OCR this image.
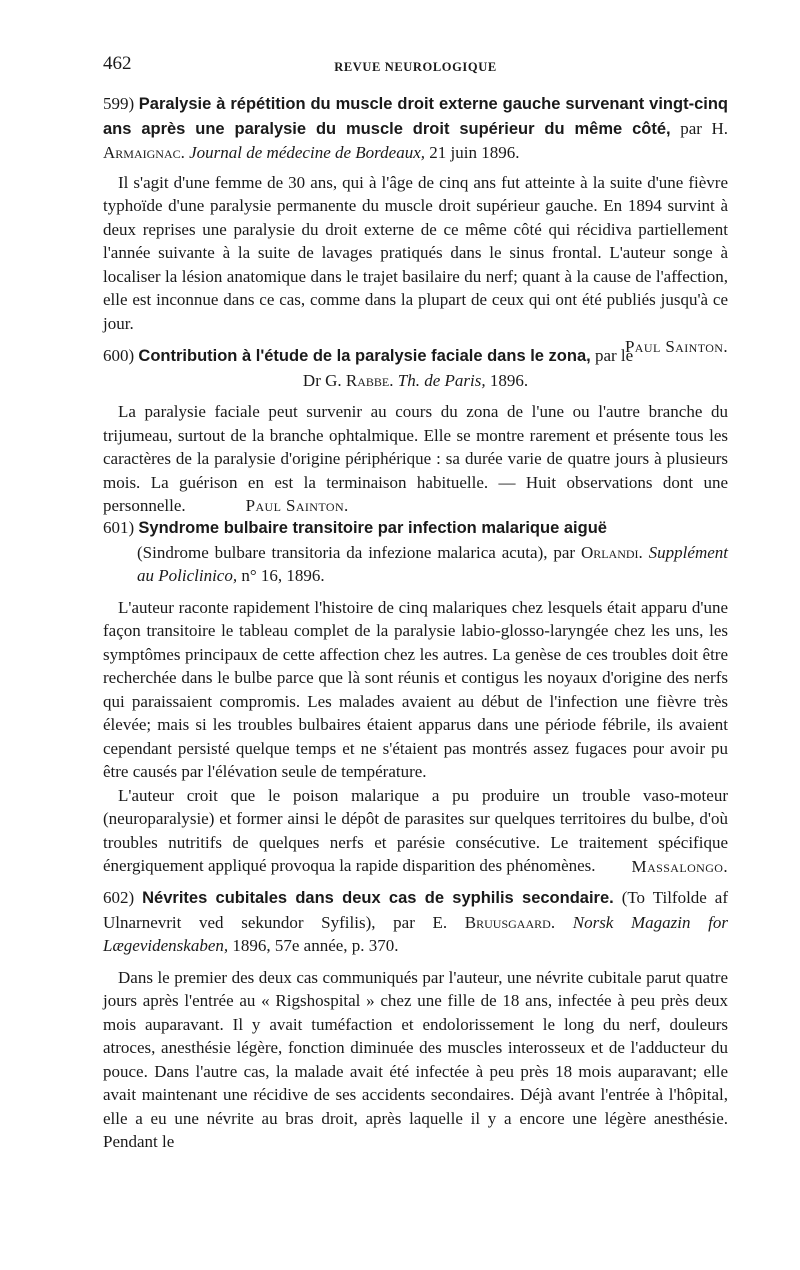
462	REVUE NEUROLOGIQUE

599) Paralysie à répétition du muscle droit externe gauche survenant vingt-cinq ans après une paralysie du muscle droit supérieur du même côté, par H. Armaignac. Journal de médecine de Bordeaux, 21 juin 1896.

Il s'agit d'une femme de 30 ans, qui à l'âge de cinq ans fut atteinte à la suite d'une fièvre typhoïde d'une paralysie permanente du muscle droit supérieur gauche. En 1894 survint à deux reprises une paralysie du droit externe de ce même côté qui récidiva partiellement l'année suivante à la suite de lavages pratiqués dans le sinus frontal. L'auteur songe à localiser la lésion anatomique dans le trajet basilaire du nerf; quant à la cause de l'affection, elle est inconnue dans ce cas, comme dans la plupart de ceux qui ont été publiés jusqu'à ce jour.

Paul Sainton.

600) Contribution à l'étude de la paralysie faciale dans le zona, par le

Dr G. Rabbe. Th. de Paris, 1896.

La paralysie faciale peut survenir au cours du zona de l'une ou l'autre branche du trijumeau, surtout de la branche ophtalmique. Elle se montre rarement et présente tous les caractères de la paralysie d'origine périphérique : sa durée varie de quatre jours à plusieurs mois. La guérison en est la terminaison habituelle. — Huit observations dont une personnelle.	Paul Sainton.

601) Syndrome bulbaire transitoire par infection malarique aiguë
(Sindrome bulbare transitoria da infezione malarica acuta), par Orlandi. Supplément au Policlinico, n° 16, 1896.

L'auteur raconte rapidement l'histoire de cinq malariques chez lesquels était apparu d'une façon transitoire le tableau complet de la paralysie labio-glosso-laryngée chez les uns, les symptômes principaux de cette affection chez les autres. La genèse de ces troubles doit être recherchée dans le bulbe parce que là sont réunis et contigus les noyaux d'origine des nerfs qui paraissaient compromis. Les malades avaient au début de l'infection une fièvre très élevée; mais si les troubles bulbaires étaient apparus dans une période fébrile, ils avaient cependant persisté quelque temps et ne s'étaient pas montrés assez fugaces pour avoir pu être causés par l'élévation seule de température.

L'auteur croit que le poison malarique a pu produire un trouble vaso-moteur (neuroparalysie) et former ainsi le dépôt de parasites sur quelques territoires du bulbe, d'où troubles nutritifs de quelques nerfs et parésie consécutive. Le traitement spécifique énergiquement appliqué provoqua la rapide disparition des phénomènes.	Massalongo.

602) Névrites cubitales dans deux cas de syphilis secondaire. (To Tilfolde af Ulnarnevrit ved sekundor Syfilis), par E. Bruusgaard. Norsk Magazin for Lægevidenskaben, 1896, 57e année, p. 370.

Dans le premier des deux cas communiqués par l'auteur, une névrite cubitale parut quatre jours après l'entrée au « Rigshospital » chez une fille de 18 ans, infectée à peu près deux mois auparavant. Il y avait tuméfaction et endolorissement le long du nerf, douleurs atroces, anesthésie légère, fonction diminuée des muscles interosseux et de l'adducteur du pouce. Dans l'autre cas, la malade avait été infectée à peu près 18 mois auparavant; elle avait maintenant une récidive de ses accidents secondaires. Déjà avant l'entrée à l'hôpital, elle a eu une névrite au bras droit, après laquelle il y a encore une légère anesthésie. Pendant le
